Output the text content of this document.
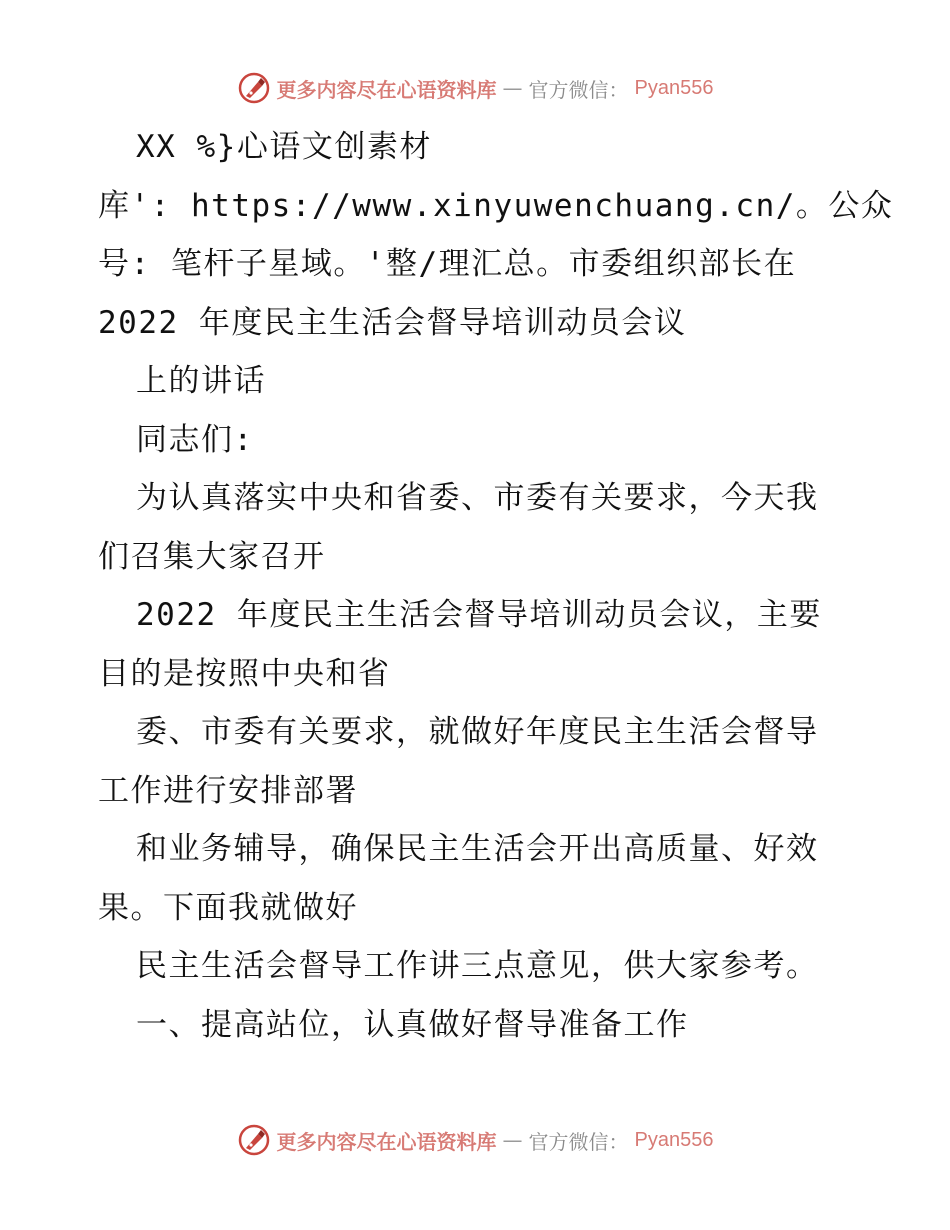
更多内容尽在心语资料库 — 官方微信： Pyan556
XX %}心语文创素材
库': https://www.xinyuwenchuang.cn/。公众
号: 笔杆子星域。'整/理汇总。市委组织部长在
2022 年度民主生活会督导培训动员会议
上的讲话
同志们:
为认真落实中央和省委、市委有关要求，今天我
们召集大家召开
2022 年度民主生活会督导培训动员会议，主要
目的是按照中央和省
委、市委有关要求，就做好年度民主生活会督导
工作进行安排部署
和业务辅导，确保民主生活会开出高质量、好效
果。下面我就做好
民主生活会督导工作讲三点意见，供大家参考。
一、提高站位，认真做好督导准备工作
更多内容尽在心语资料库 — 官方微信： Pyan556
